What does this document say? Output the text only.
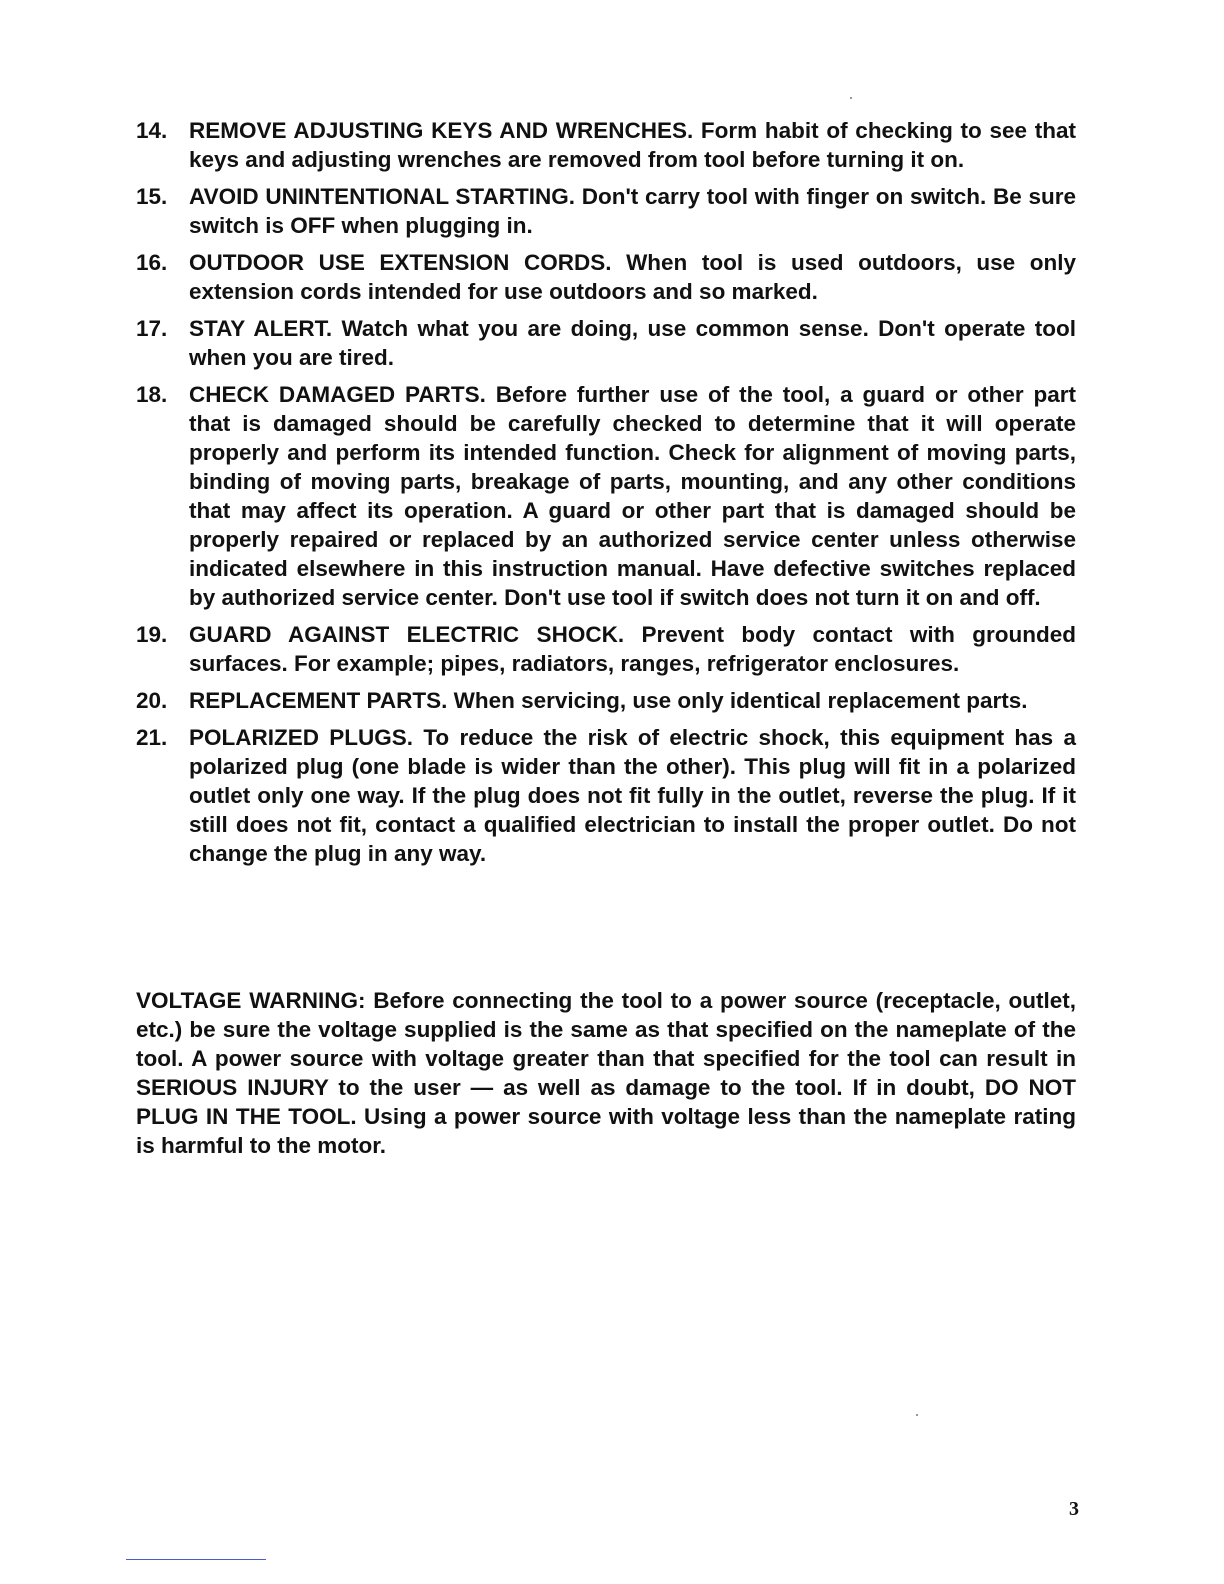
14. REMOVE ADJUSTING KEYS AND WRENCHES. Form habit of checking to see that keys and adjusting wrenches are removed from tool before turning it on.
15. AVOID UNINTENTIONAL STARTING. Don't carry tool with finger on switch. Be sure switch is OFF when plugging in.
16. OUTDOOR USE EXTENSION CORDS. When tool is used outdoors, use only extension cords intended for use outdoors and so marked.
17. STAY ALERT. Watch what you are doing, use common sense. Don't operate tool when you are tired.
18. CHECK DAMAGED PARTS. Before further use of the tool, a guard or other part that is damaged should be carefully checked to determine that it will operate properly and perform its intended function. Check for alignment of moving parts, binding of moving parts, breakage of parts, mounting, and any other conditions that may affect its operation. A guard or other part that is damaged should be properly repaired or replaced by an authorized service center unless otherwise indicated elsewhere in this instruction manual. Have defective switches replaced by authorized service center. Don't use tool if switch does not turn it on and off.
19. GUARD AGAINST ELECTRIC SHOCK. Prevent body contact with grounded surfaces. For example; pipes, radiators, ranges, refrigerator enclosures.
20. REPLACEMENT PARTS. When servicing, use only identical replacement parts.
21. POLARIZED PLUGS. To reduce the risk of electric shock, this equipment has a polarized plug (one blade is wider than the other). This plug will fit in a polarized outlet only one way. If the plug does not fit fully in the outlet, reverse the plug. If it still does not fit, contact a qualified electrician to install the proper outlet. Do not change the plug in any way.

VOLTAGE WARNING: Before connecting the tool to a power source (receptacle, outlet, etc.) be sure the voltage supplied is the same as that specified on the nameplate of the tool. A power source with voltage greater than that specified for the tool can result in SERIOUS INJURY to the user — as well as damage to the tool. If in doubt, DO NOT PLUG IN THE TOOL. Using a power source with voltage less than the nameplate rating is harmful to the motor.

3
